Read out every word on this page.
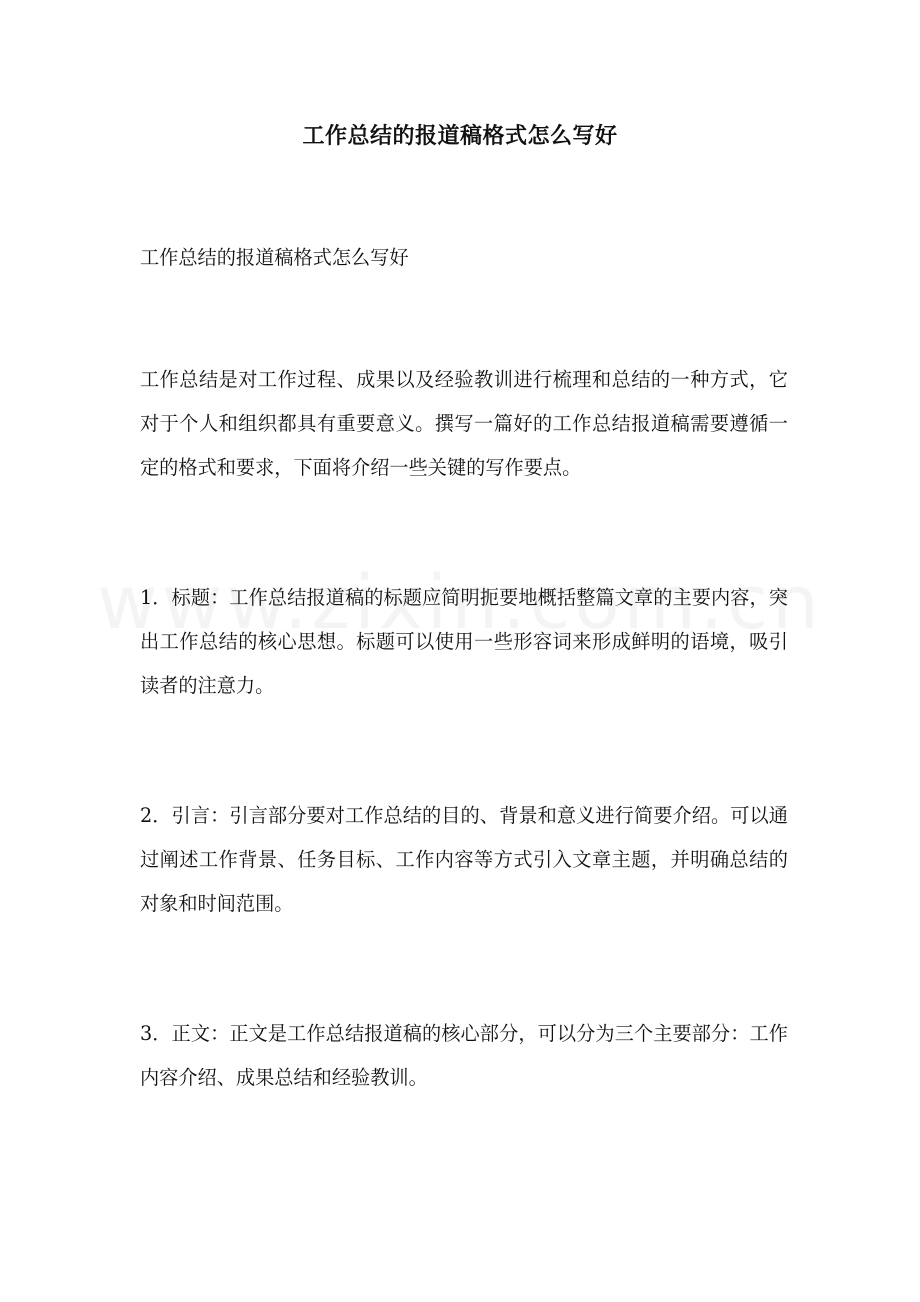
工作总结的报道稿格式怎么写好

工作总结的报道稿格式怎么写好

工作总结是对工作过程、成果以及经验教训进行梳理和总结的一种方式，它对于个人和组织都具有重要意义。撰写一篇好的工作总结报道稿需要遵循一定的格式和要求，下面将介绍一些关键的写作要点。

1．标题：工作总结报道稿的标题应简明扼要地概括整篇文章的主要内容，突出工作总结的核心思想。标题可以使用一些形容词来形成鲜明的语境，吸引读者的注意力。

2．引言：引言部分要对工作总结的目的、背景和意义进行简要介绍。可以通过阐述工作背景、任务目标、工作内容等方式引入文章主题，并明确总结的对象和时间范围。

3．正文：正文是工作总结报道稿的核心部分，可以分为三个主要部分：工作内容介绍、成果总结和经验教训。
